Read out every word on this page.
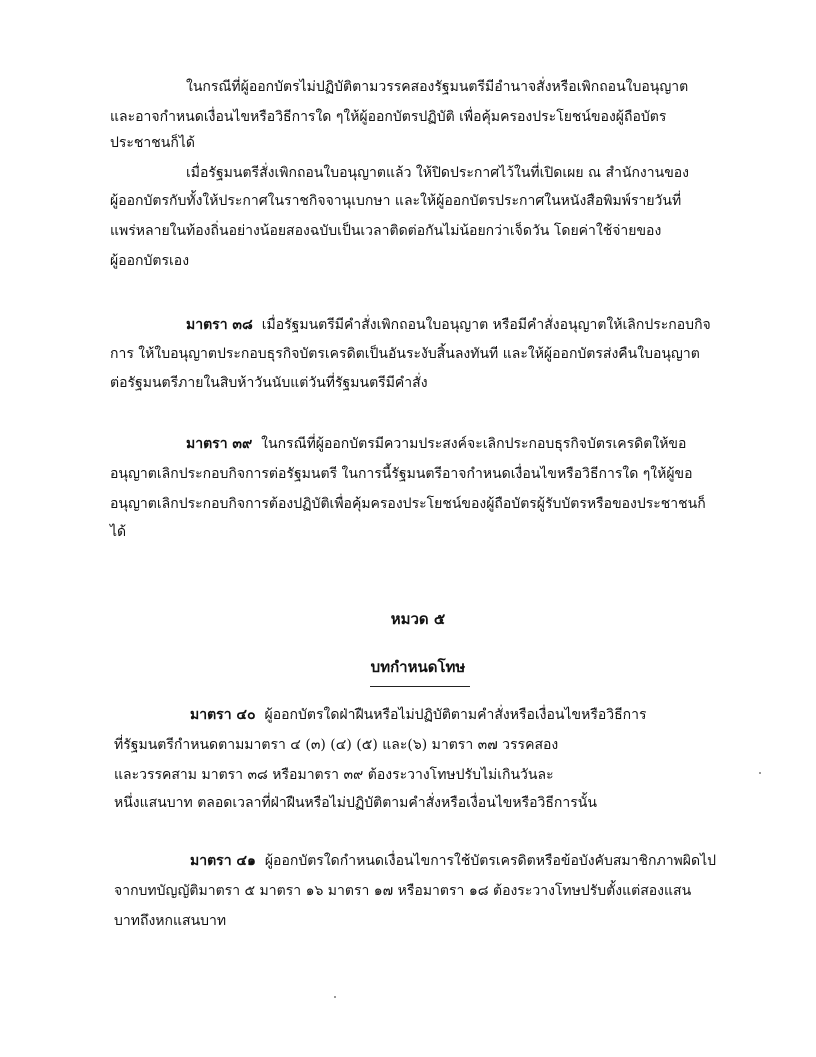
ในกรณีที่ผู้ออกบัตรไม่ปฏิบัติตามวรรคสองรัฐมนตรีมีอำนาจสั่งหรือเพิกถอนใบอนุญาต
และอาจกำหนดเงื่อนไขหรือวิธีการใด ๆให้ผู้ออกบัตรปฏิบัติ เพื่อคุ้มครองประโยชน์ของผู้ถือบัตร
ประชาชนก็ได้
เมื่อรัฐมนตรีสั่งเพิกถอนใบอนุญาตแล้ว ให้ปิดประกาศไว้ในที่เปิดเผย ณ สำนักงานของ
ผู้ออกบัตรกับทั้งให้ประกาศในราชกิจจานุเบกษา และให้ผู้ออกบัตรประกาศในหนังสือพิมพ์รายวันที่
แพร่หลายในท้องถิ่นอย่างน้อยสองฉบับเป็นเวลาติดต่อกันไม่น้อยกว่าเจ็ดวัน โดยค่าใช้จ่ายของ
ผู้ออกบัตรเอง
มาตรา ๓๘ เมื่อรัฐมนตรีมีคำสั่งเพิกถอนใบอนุญาต หรือมีคำสั่งอนุญาตให้เลิกประกอบกิจ
การ ให้ใบอนุญาตประกอบธุรกิจบัตรเครดิตเป็นอันระงับสิ้นลงทันที และให้ผู้ออกบัตรส่งคืนใบอนุญาต
ต่อรัฐมนตรีภายในสิบห้าวันนับแต่วันที่รัฐมนตรีมีคำสั่ง
มาตรา ๓๙ ในกรณีที่ผู้ออกบัตรมีความประสงค์จะเลิกประกอบธุรกิจบัตรเครดิตให้ขอ
อนุญาตเลิกประกอบกิจการต่อรัฐมนตรี ในการนี้รัฐมนตรีอาจกำหนดเงื่อนไขหรือวิธีการใด ๆให้ผู้ขอ
อนุญาตเลิกประกอบกิจการต้องปฏิบัติเพื่อคุ้มครองประโยชน์ของผู้ถือบัตรผู้รับบัตรหรือของประชาชนก็
ได้
หมวด ๕
บทกำหนดโทษ
มาตรา ๔๐ ผู้ออกบัตรใดฝ่าฝืนหรือไม่ปฏิบัติตามคำสั่งหรือเงื่อนไขหรือวิธีการ
ที่รัฐมนตรีกำหนดตามมาตรา ๔ (๓) (๔) (๕) และ(๖) มาตรา ๓๗ วรรคสอง
และวรรคสาม มาตรา ๓๘ หรือมาตรา ๓๙ ต้องระวางโทษปรับไม่เกินวันละ
หนึ่งแสนบาท ตลอดเวลาที่ฝ่าฝืนหรือไม่ปฏิบัติตามคำสั่งหรือเงื่อนไขหรือวิธีการนั้น
มาตรา ๔๑ ผู้ออกบัตรใดกำหนดเงื่อนไขการใช้บัตรเครดิตหรือข้อบังคับสมาชิกภาพผิดไป
จากบทบัญญัติมาตรา ๕ มาตรา ๑๖ มาตรา ๑๗ หรือมาตรา ๑๘ ต้องระวางโทษปรับตั้งแต่สองแสน
บาทถึงหกแสนบาท
